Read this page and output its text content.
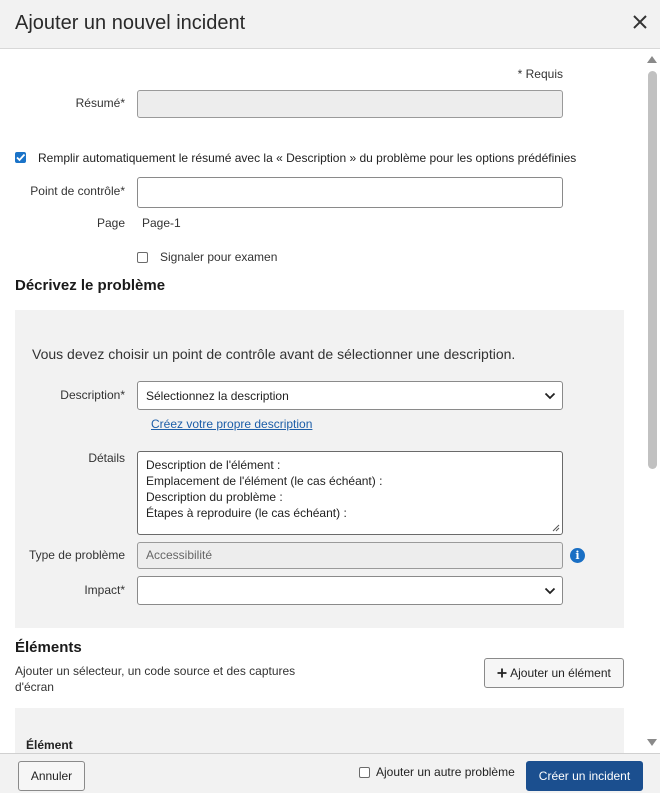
Ajouter un nouvel incident
* Requis
Résumé*
Remplir automatiquement le résumé avec la « Description » du problème pour les options prédéfinies
Point de contrôle*
Page Page-1
Signaler pour examen
Décrivez le problème
Vous devez choisir un point de contrôle avant de sélectionner une description.
Description*	Sélectionnez la description
Créez votre propre description
Détails Description de l'élément :
Emplacement de l'élément (le cas échéant) :
Description du problème :
Étapes à reproduire (le cas échéant) :
Type de problème	Accessibilité	i
Impact*
Éléments
Ajouter un sélecteur, un code source et des captures d'écran
Ajouter un élément
Élément
Annuler	Ajouter un autre problème	Créer un incident
